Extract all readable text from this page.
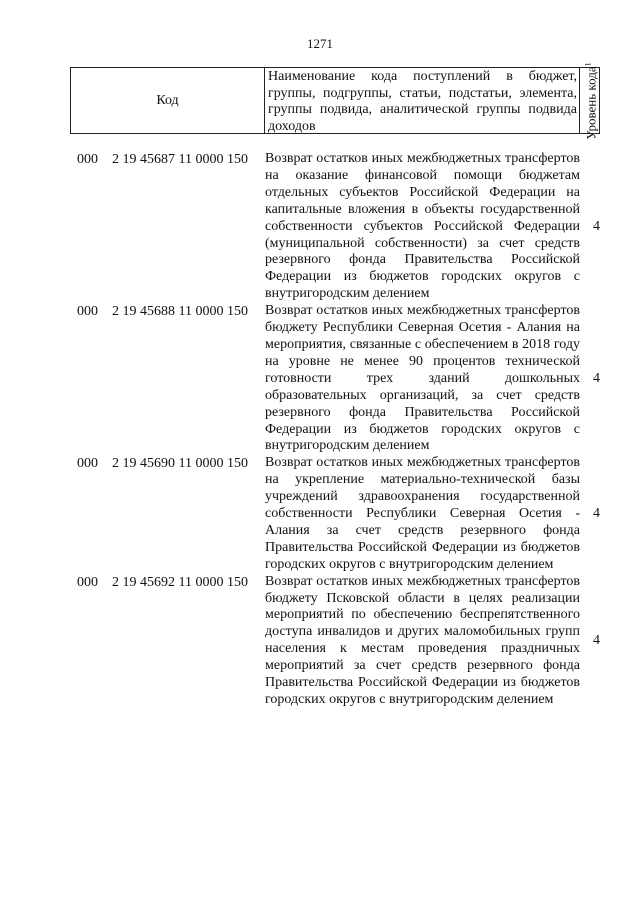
1271
Код
Наименование кода поступлений в бюджет, группы, подгруппы, статьи, подстатьи, элемента, группы подвида, аналитической группы подвида доходов	Уровень кода$^1$
000 2 19 45687 11 0000 150 Возврат остатков иных межбюджетных трансфертов на оказание финансовой помощи бюджетам отдельных субъектов Российской Федерации на капитальные вложения в объекты государственной собственности субъектов Российской Федерации (муниципальной собственности) за счет средств резервного фонда Правительства Российской Федерации из бюджетов городских округов с внутригородским делением
4
000 2 19 45688 11 0000 150 Возврат остатков иных межбюджетных трансфертов бюджету Республики Северная Осетия - Алания на мероприятия, связанные с обеспечением в 2018 году на уровне не менее 90 процентов технической готовности трех зданий дошкольных образовательных организаций, за счет средств резервного фонда Правительства Российской Федерации из бюджетов городских округов с внутригородским делением
4
000 2 19 45690 11 0000 150 Возврат остатков иных межбюджетных трансфертов на укрепление материально-технической базы учреждений здравоохранения государственной собственности Республики Северная Осетия - Алания за счет средств резервного фонда Правительства Российской Федерации из бюджетов городских округов с внутригородским делением
4
000 2 19 45692 11 0000 150 Возврат остатков иных межбюджетных трансфертов бюджету Псковской области в целях реализации мероприятий по обеспечению беспрепятственного доступа инвалидов и других маломобильных групп населения к местам проведения праздничных мероприятий за счет средств резервного фонда Правительства Российской Федерации из бюджетов городских округов с внутригородским делением
4
